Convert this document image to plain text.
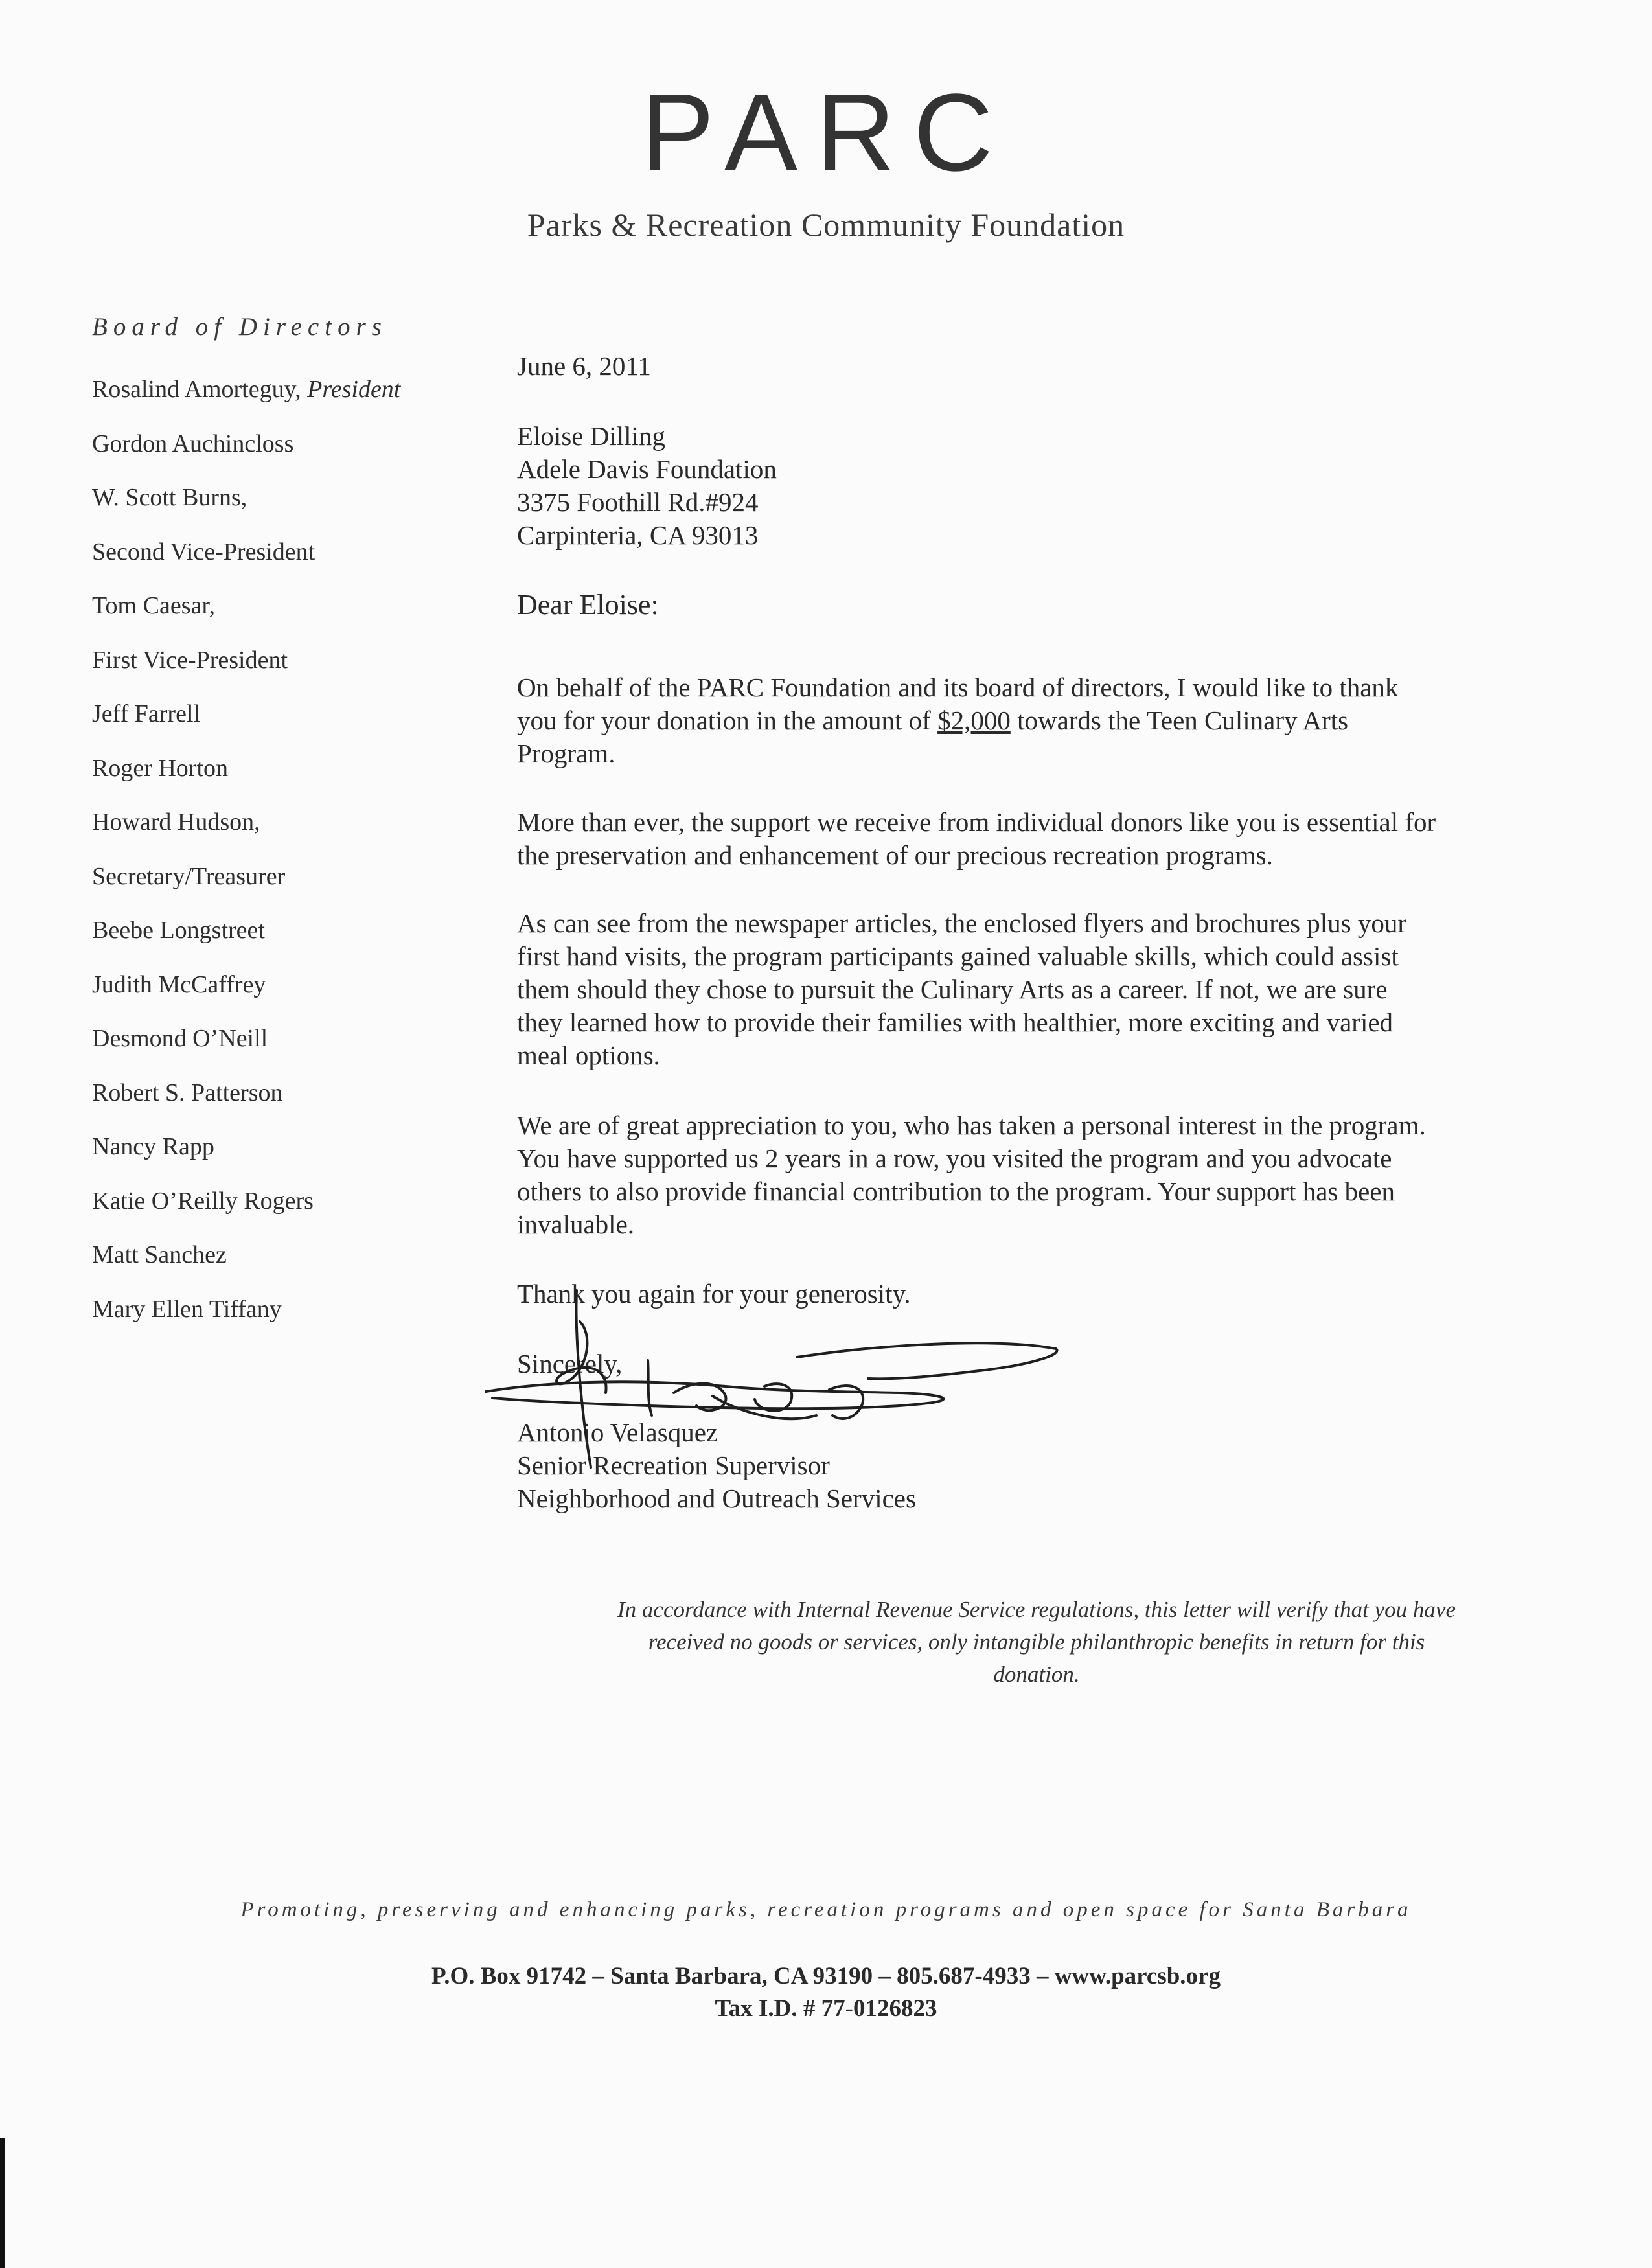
PARC
Parks & Recreation Community Foundation
Board of Directors
Rosalind Amorteguy, President
Gordon Auchincloss
W. Scott Burns,
Second Vice-President
Tom Caesar,
First Vice-President
Jeff Farrell
Roger Horton
Howard Hudson,
Secretary/Treasurer
Beebe Longstreet
Judith McCaffrey
Desmond O’Neill
Robert S. Patterson
Nancy Rapp
Katie O’Reilly Rogers
Matt Sanchez
Mary Ellen Tiffany

June 6, 2011

Eloise Dilling

Adele Davis Foundation

3375 Foothill Rd.#924

Carpinteria, CA 93013

Dear Eloise:

On behalf of the PARC Foundation and its board of directors, I would like to thank

you for your donation in the amount of $2,000 towards the Teen Culinary Arts

Program.

More than ever, the support we receive from individual donors like you is essential for

the preservation and enhancement of our precious recreation programs.

As can see from the newspaper articles, the enclosed flyers and brochures plus your

first hand visits, the program participants gained valuable skills, which could assist

them should they chose to pursuit the Culinary Arts as a career. If not, we are sure

they learned how to provide their families with healthier, more exciting and varied

meal options.

We are of great appreciation to you, who has taken a personal interest in the program.

You have supported us 2 years in a row, you visited the program and you advocate

others to also provide financial contribution to the program. Your support has been

invaluable.

Thank you again for your generosity.

Sincerely,

Antonio Velasquez

Senior Recreation Supervisor

Neighborhood and Outreach Services

In accordance with Internal Revenue Service regulations, this letter will verify that you have
received no goods or services, only intangible philanthropic benefits in return for this
donation.
Promoting, preserving and enhancing parks, recreation programs and open space for Santa Barbara
P.O. Box 91742 – Santa Barbara, CA 93190 – 805.687-4933 – www.parcsb.org
Tax I.D. # 77-0126823
